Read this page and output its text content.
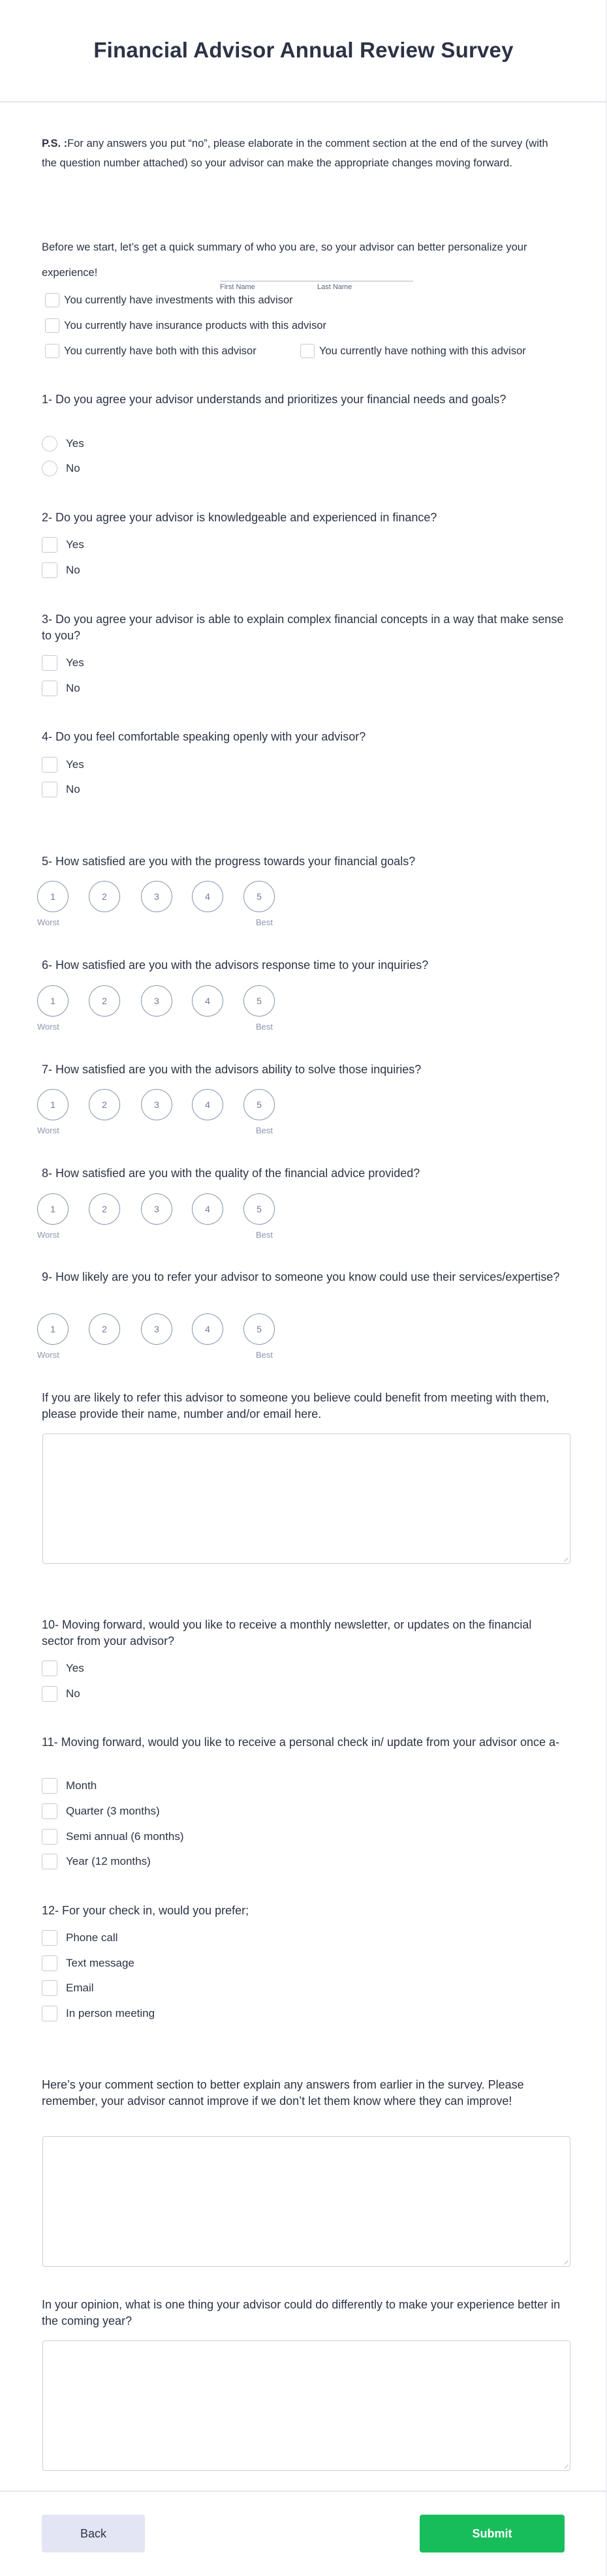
Financial Advisor Annual Review Survey

P.S. :For any answers you put “no”, please elaborate in the comment section at the end of the survey (with the question number attached) so your advisor can make the appropriate changes moving forward.

Before we start, let’s get a quick summary of who you are, so your advisor can better personalize your experience!

First Name	Last Name
You currently have investments with this advisor
You currently have insurance products with this advisor
You currently have both with this advisor	You currently have nothing with this advisor

1- Do you agree your advisor understands and prioritizes your financial needs and goals?

Yes
No

2- Do you agree your advisor is knowledgeable and experienced in finance?

Yes
No

3- Do you agree your advisor is able to explain complex financial concepts in a way that make sense to you?

Yes
No

4- Do you feel comfortable speaking openly with your advisor?

Yes
No

5- How satisfied are you with the progress towards your financial goals?

1	2	3	4	5
Worst	Best

6- How satisfied are you with the advisors response time to your inquiries?

1	2	3	4	5
Worst	Best

7- How satisfied are you with the advisors ability to solve those inquiries?

1	2	3	4	5
Worst	Best

8- How satisfied are you with the quality of the financial advice provided?

1	2	3	4	5
Worst	Best

9- How likely are you to refer your advisor to someone you know could use their services/expertise?

1	2	3	4	5
Worst	Best

If you are likely to refer this advisor to someone you believe could benefit from meeting with them, please provide their name, number and/or email here.

10- Moving forward, would you like to receive a monthly newsletter, or updates on the financial sector from your advisor?

Yes
No

11- Moving forward, would you like to receive a personal check in/ update from your advisor once a-

Month
Quarter (3 months)
Semi annual (6 months)
Year (12 months)

12- For your check in, would you prefer;

Phone call
Text message
Email
In person meeting

Here’s your comment section to better explain any answers from earlier in the survey. Please remember, your advisor cannot improve if we don’t let them know where they can improve!

In your opinion, what is one thing your advisor could do differently to make your experience better in the coming year?

Back	Submit
